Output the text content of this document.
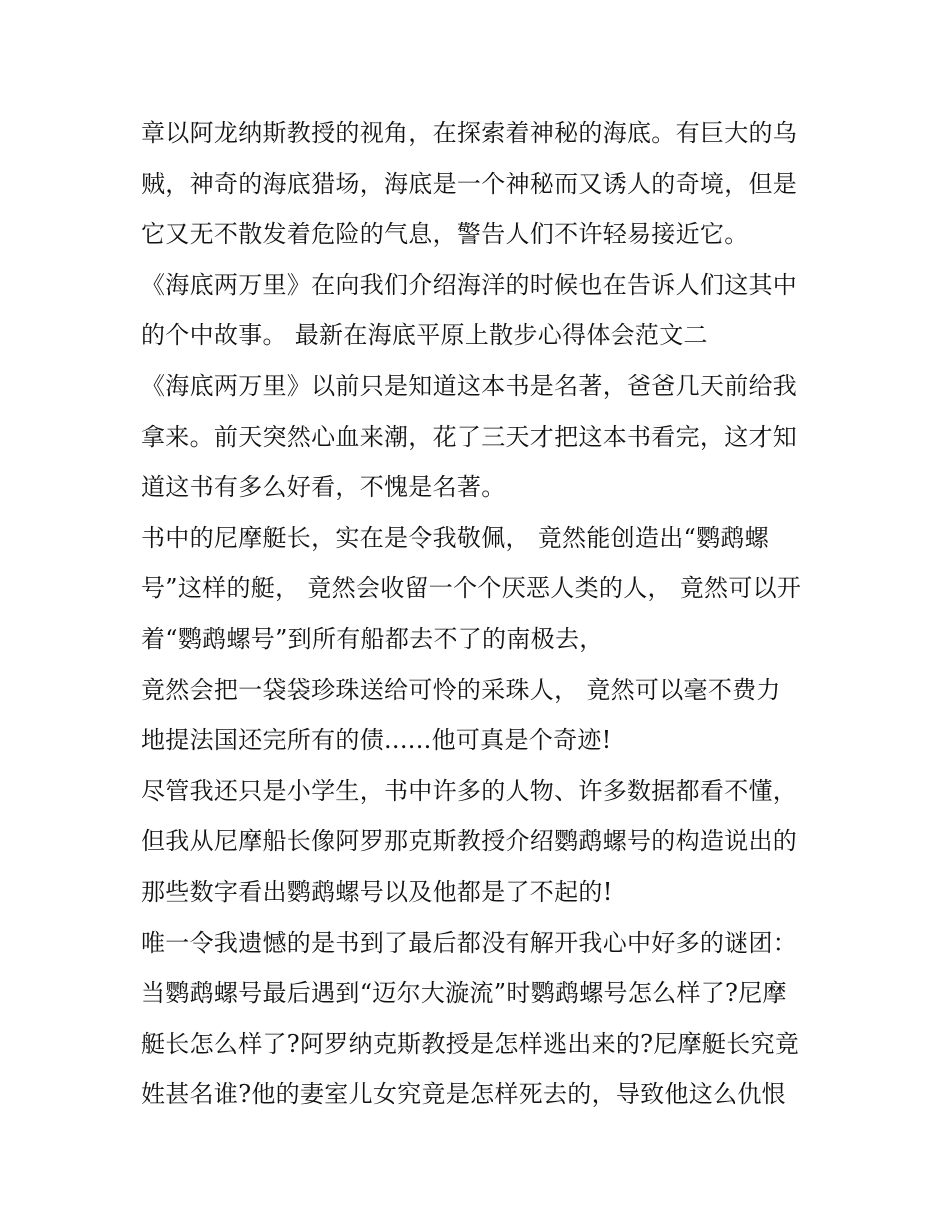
章以阿龙纳斯教授的视角，在探索着神秘的海底。有巨大的乌
贼，神奇的海底猎场，海底是一个神秘而又诱人的奇境，但是
它又无不散发着危险的气息，警告人们不许轻易接近它。
《海底两万里》在向我们介绍海洋的时候也在告诉人们这其中
的个中故事。 最新在海底平原上散步心得体会范文二
《海底两万里》以前只是知道这本书是名著，爸爸几天前给我
拿来。前天突然心血来潮，花了三天才把这本书看完，这才知
道这书有多么好看，不愧是名著。
书中的尼摩艇长，实在是令我敬佩， 竟然能创造出“鹦鹉螺
号”这样的艇， 竟然会收留一个个厌恶人类的人， 竟然可以开
着“鹦鹉螺号”到所有船都去不了的南极去，
竟然会把一袋袋珍珠送给可怜的采珠人， 竟然可以毫不费力
地提法国还完所有的债......他可真是个奇迹!
尽管我还只是小学生，书中许多的人物、许多数据都看不懂，
但我从尼摩船长像阿罗那克斯教授介绍鹦鹉螺号的构造说出的
那些数字看出鹦鹉螺号以及他都是了不起的!
唯一令我遗憾的是书到了最后都没有解开我心中好多的谜团：
当鹦鹉螺号最后遇到“迈尔大漩流”时鹦鹉螺号怎么样了?尼摩
艇长怎么样了?阿罗纳克斯教授是怎样逃出来的?尼摩艇长究竟
姓甚名谁?他的妻室儿女究竟是怎样死去的，导致他这么仇恨
